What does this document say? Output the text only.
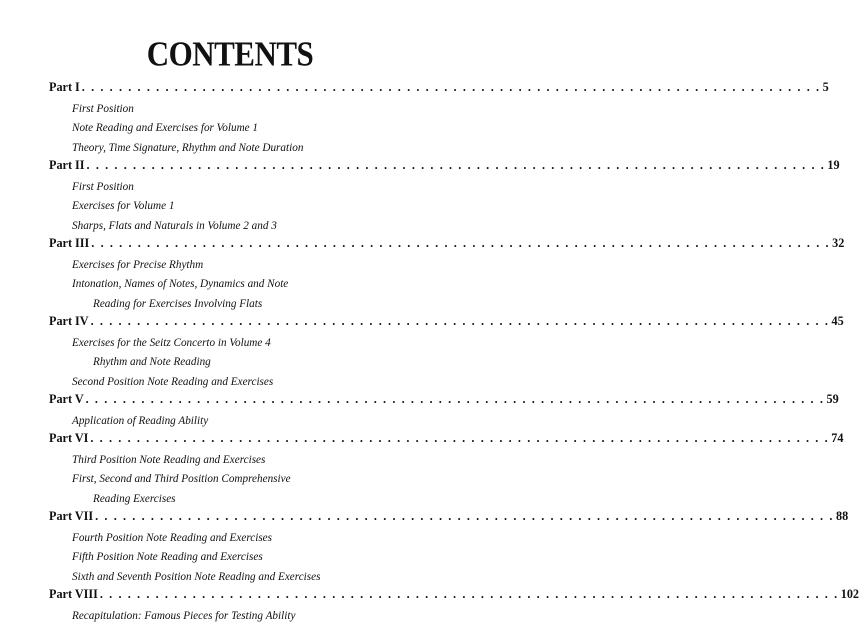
CONTENTS
Part I . . . . . . . . . . . . . . . . . . . . . . . . . . . . . . . . . . . . . . . . . . . . . . . . . . . . . . . . . . . . . . . . . . . . . . . . . . . . . . . . 5
First Position
Note Reading and Exercises for Volume 1
Theory, Time Signature, Rhythm and Note Duration
Part II . . . . . . . . . . . . . . . . . . . . . . . . . . . . . . . . . . . . . . . . . . . . . . . . . . . . . . . . . . . . . . . . . . . . . . . . . . . . . . . . 19
First Position
Exercises for Volume 1
Sharps, Flats and Naturals in Volume 2 and 3
Part III . . . . . . . . . . . . . . . . . . . . . . . . . . . . . . . . . . . . . . . . . . . . . . . . . . . . . . . . . . . . . . . . . . . . . . . . . . . . . . . . 32
Exercises for Precise Rhythm
Intonation, Names of Notes, Dynamics and Note
Reading for Exercises Involving Flats
Part IV . . . . . . . . . . . . . . . . . . . . . . . . . . . . . . . . . . . . . . . . . . . . . . . . . . . . . . . . . . . . . . . . . . . . . . . . . . . . . . . . 45
Exercises for the Seitz Concerto in Volume 4
Rhythm and Note Reading
Second Position Note Reading and Exercises
Part V . . . . . . . . . . . . . . . . . . . . . . . . . . . . . . . . . . . . . . . . . . . . . . . . . . . . . . . . . . . . . . . . . . . . . . . . . . . . . . . . 59
Application of Reading Ability
Part VI . . . . . . . . . . . . . . . . . . . . . . . . . . . . . . . . . . . . . . . . . . . . . . . . . . . . . . . . . . . . . . . . . . . . . . . . . . . . . . . . 74
Third Position Note Reading and Exercises
First, Second and Third Position Comprehensive
Reading Exercises
Part VII . . . . . . . . . . . . . . . . . . . . . . . . . . . . . . . . . . . . . . . . . . . . . . . . . . . . . . . . . . . . . . . . . . . . . . . . . . . . . . . . 88
Fourth Position Note Reading and Exercises
Fifth Position Note Reading and Exercises
Sixth and Seventh Position Note Reading and Exercises
Part VIII . . . . . . . . . . . . . . . . . . . . . . . . . . . . . . . . . . . . . . . . . . . . . . . . . . . . . . . . . . . . . . . . . . . . . . . . . . . . . . . . 102
Recapitulation: Famous Pieces for Testing Ability
